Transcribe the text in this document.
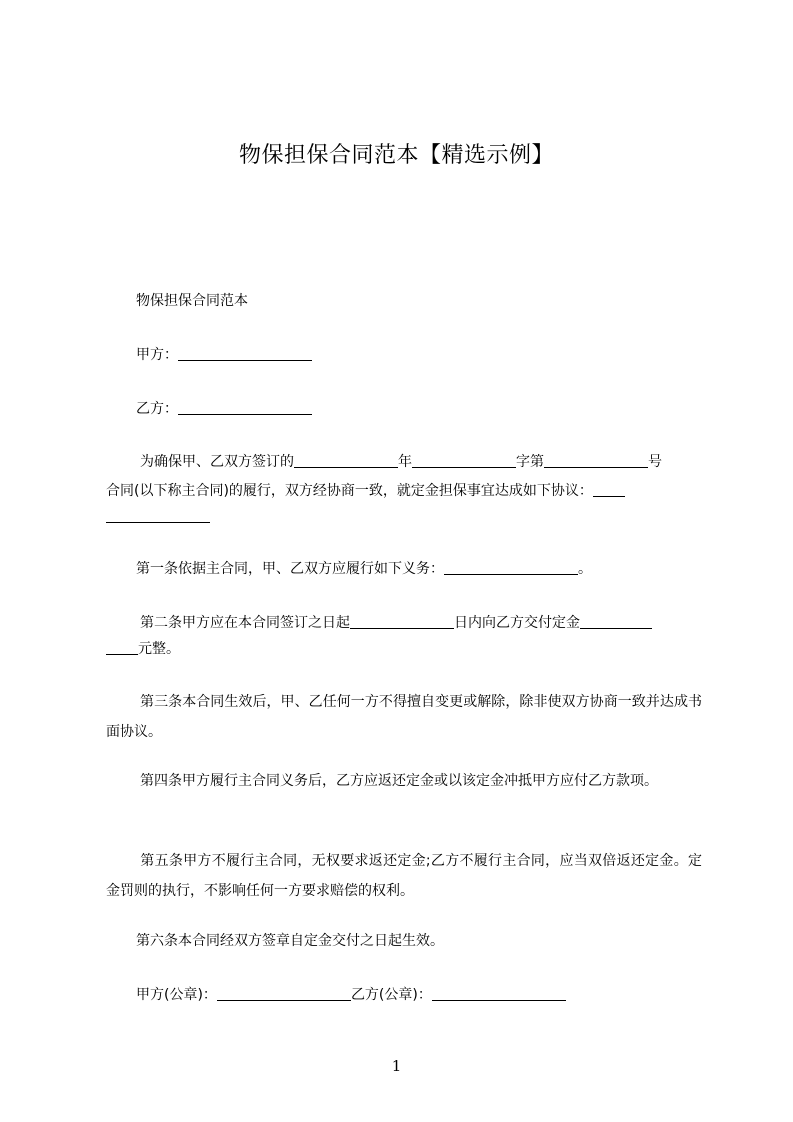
物保担保合同范本【精选示例】

物保担保合同范本

甲方：

乙方：

为确保甲、乙双方签订的	年	字第	号

合同(以下称主合同)的履行，双方经协商一致，就定金担保事宜达成如下协议：

第一条依据主合同，甲、乙双方应履行如下义务：	。

第二条甲方应在本合同签订之日起	日内向乙方交付定金

元整。

第三条本合同生效后，甲、乙任何一方不得擅自变更或解除，除非使双方协商一致并达成书面协议。

第四条甲方履行主合同义务后，乙方应返还定金或以该定金冲抵甲方应付乙方款项。

第五条甲方不履行主合同，无权要求返还定金;乙方不履行主合同，应当双倍返还定金。定金罚则的执行，不影响任何一方要求赔偿的权利。

第六条本合同经双方签章自定金交付之日起生效。

甲方(公章)：	乙方(公章)：

1
